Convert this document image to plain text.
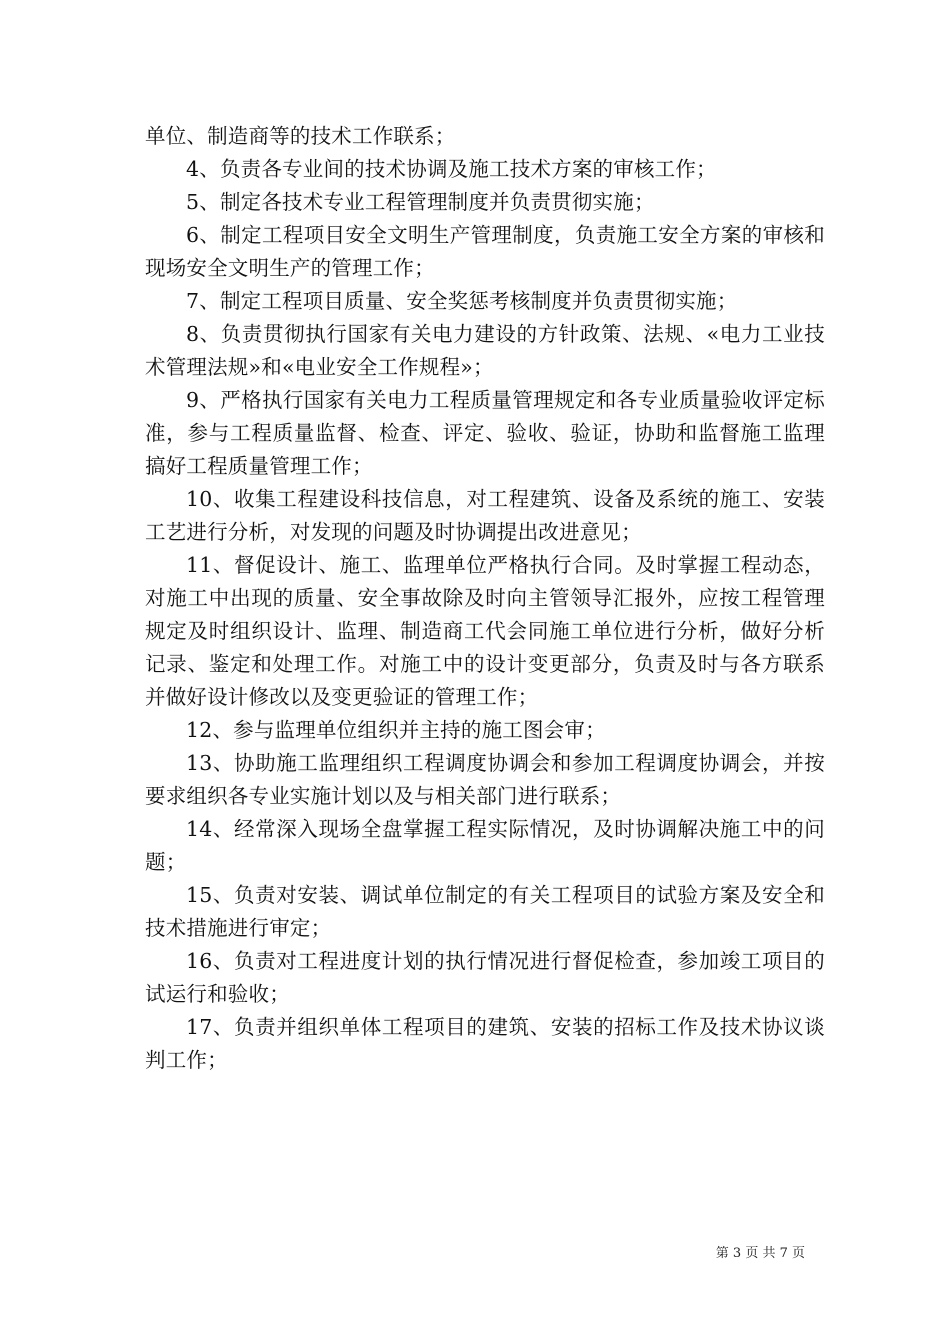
单位、制造商等的技术工作联系；

4、负责各专业间的技术协调及施工技术方案的审核工作；

5、制定各技术专业工程管理制度并负责贯彻实施；

6、制定工程项目安全文明生产管理制度，负责施工安全方案的审核和现场安全文明生产的管理工作；

7、制定工程项目质量、安全奖惩考核制度并负责贯彻实施；

8、负责贯彻执行国家有关电力建设的方针政策、法规、«电力工业技术管理法规»和«电业安全工作规程»；

9、严格执行国家有关电力工程质量管理规定和各专业质量验收评定标准，参与工程质量监督、检查、评定、验收、验证，协助和监督施工监理搞好工程质量管理工作；

10、收集工程建设科技信息，对工程建筑、设备及系统的施工、安装工艺进行分析，对发现的问题及时协调提出改进意见；

11、督促设计、施工、监理单位严格执行合同。及时掌握工程动态，对施工中出现的质量、安全事故除及时向主管领导汇报外，应按工程管理规定及时组织设计、监理、制造商工代会同施工单位进行分析，做好分析记录、鉴定和处理工作。对施工中的设计变更部分，负责及时与各方联系并做好设计修改以及变更验证的管理工作；

12、参与监理单位组织并主持的施工图会审；

13、协助施工监理组织工程调度协调会和参加工程调度协调会，并按要求组织各专业实施计划以及与相关部门进行联系；

14、经常深入现场全盘掌握工程实际情况，及时协调解决施工中的问题；

15、负责对安装、调试单位制定的有关工程项目的试验方案及安全和技术措施进行审定；

16、负责对工程进度计划的执行情况进行督促检查，参加竣工项目的试运行和验收；

17、负责并组织单体工程项目的建筑、安装的招标工作及技术协议谈判工作；

第 3 页 共 7 页
